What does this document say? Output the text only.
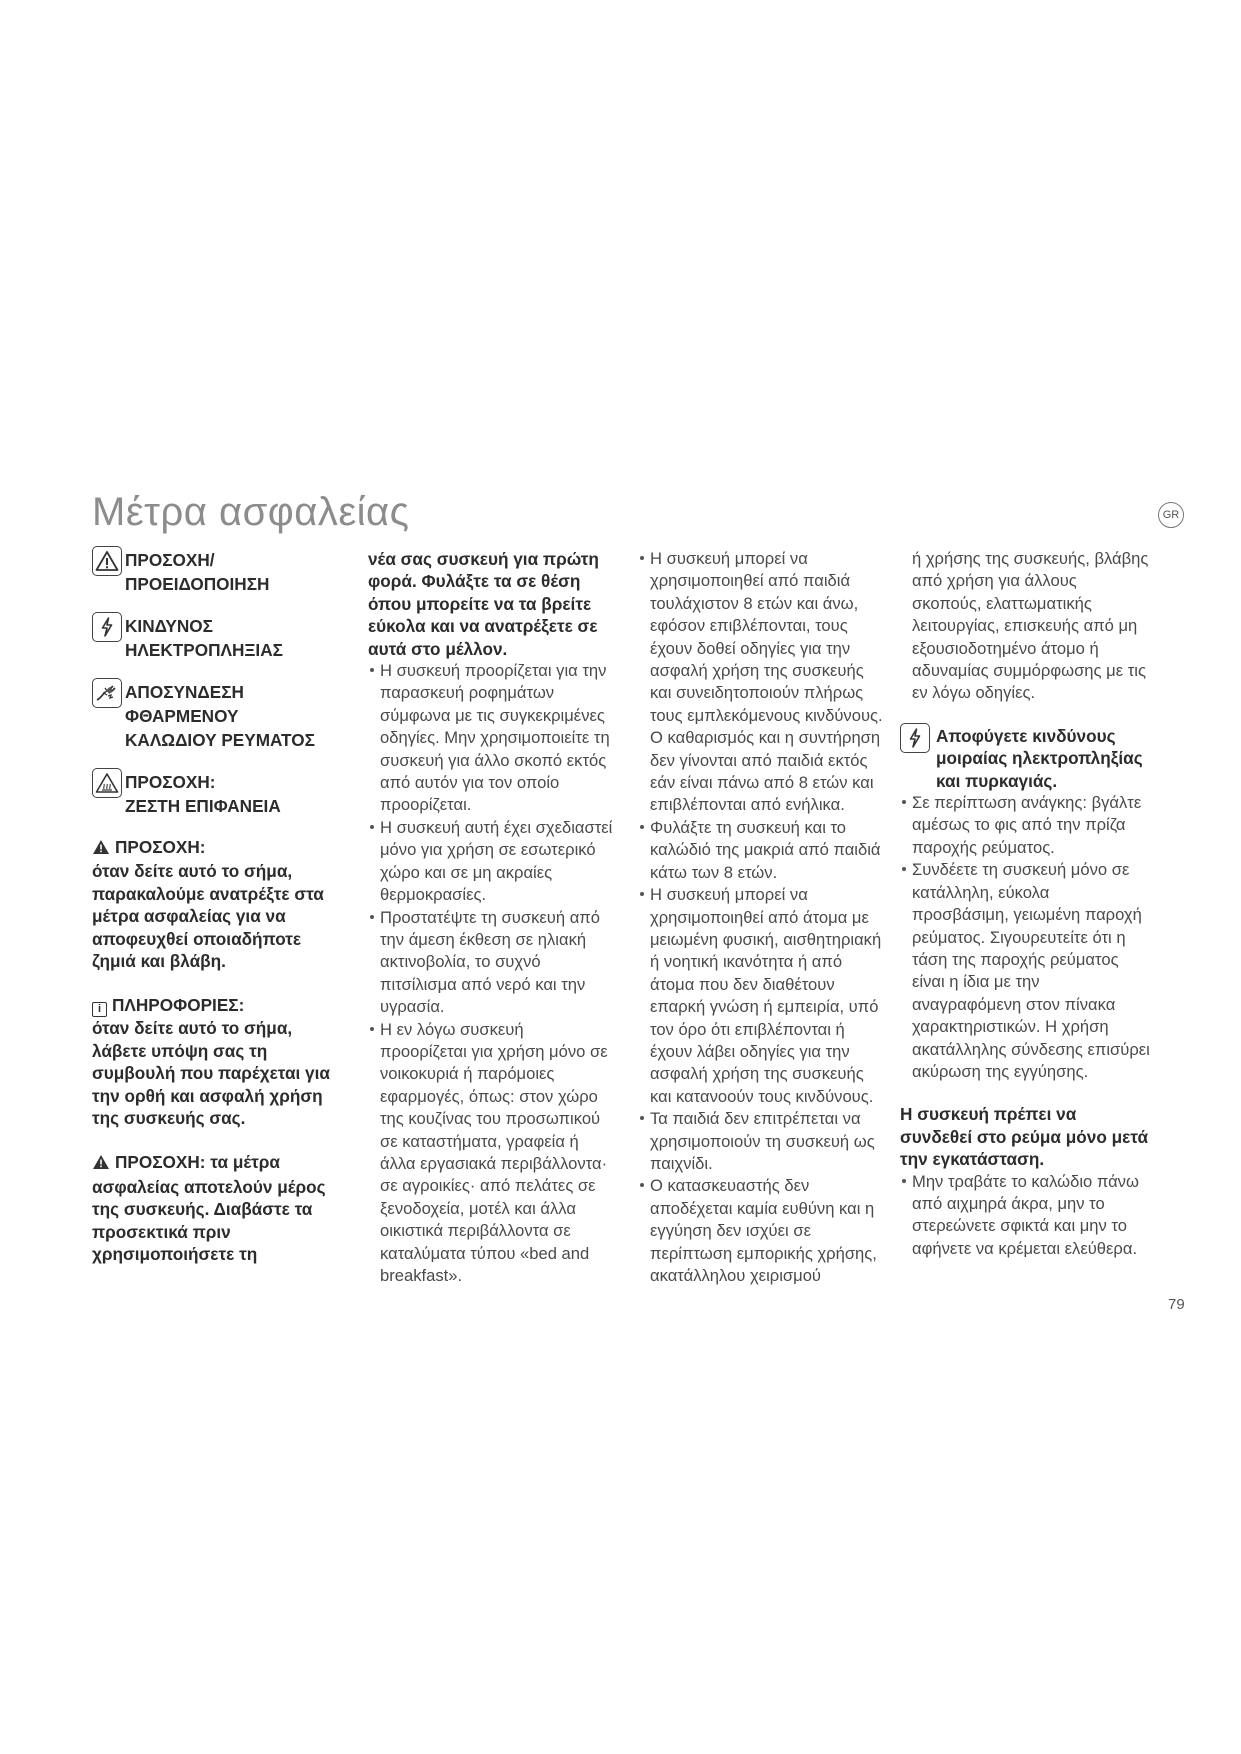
Μέτρα ασφαλείας	GR
ΠΡΟΣΟΧΗ/
ΠΡΟΕΙΔΟΠΟΙΗΣΗ
ΚΙΝΔΥΝΟΣ
ΗΛΕΚΤΡΟΠΛΗΞΙΑΣ
ΑΠΟΣΥΝΔΕΣΗ
ΦΘΑΡΜΕΝΟΥ
ΚΑΛΩΔΙΟΥ ΡΕΥΜΑΤΟΣ
ΠΡΟΣΟΧΗ:
ΖΕΣΤΗ ΕΠΙΦΑΝΕΙΑ

ΠΡΟΣΟΧΗ:

όταν δείτε αυτό το σήμα, παρακαλούμε ανατρέξτε στα μέτρα ασφαλείας για να αποφευχθεί οποιαδήποτε ζημιά και βλάβη.

i ΠΛΗΡΟΦΟΡΙΕΣ:

όταν δείτε αυτό το σήμα, λάβετε υπόψη σας τη συμβουλή που παρέχεται για την ορθή και ασφαλή χρήση της συσκευής σας.

ΠΡΟΣΟΧΗ: τα μέτρα ασφαλείας αποτελούν μέρος της συσκευής. Διαβάστε τα προσεκτικά πριν χρησιμοποιήσετε τη

νέα σας συσκευή για πρώτη φορά. Φυλάξτε τα σε θέση όπου μπορείτε να τα βρείτε εύκολα και να ανατρέξετε σε αυτά στο μέλλον.

Η συσκευή προορίζεται για την παρασκευή ροφημάτων σύμφωνα με τις συγκεκριμένες οδηγίες. Μην χρησιμοποιείτε τη συσκευή για άλλο σκοπό εκτός από αυτόν για τον οποίο προορίζεται.

Η συσκευή αυτή έχει σχεδιαστεί μόνο για χρήση σε εσωτερικό χώρο και σε μη ακραίες θερμοκρασίες.

Προστατέψτε τη συσκευή από την άμεση έκθεση σε ηλιακή ακτινοβολία, το συχνό πιτσίλισμα από νερό και την υγρασία.

Η εν λόγω συσκευή προορίζεται για χρήση μόνο σε νοικοκυριά ή παρόμοιες εφαρμογές, όπως: στον χώρο της κουζίνας του προσωπικού σε καταστήματα, γραφεία ή άλλα εργασιακά περιβάλλοντα· σε αγροικίες· από πελάτες σε ξενοδοχεία, μοτέλ και άλλα οικιστικά περιβάλλοντα σε καταλύματα τύπου «bed and breakfast».

Η συσκευή μπορεί να χρησιμοποιηθεί από παιδιά τουλάχιστον 8 ετών και άνω, εφόσον επιβλέπονται, τους έχουν δοθεί οδηγίες για την ασφαλή χρήση της συσκευής και συνειδητοποιούν πλήρως τους εμπλεκόμενους κινδύνους. Ο καθαρισμός και η συντήρηση δεν γίνονται από παιδιά εκτός εάν είναι πάνω από 8 ετών και επιβλέπονται από ενήλικα.

Φυλάξτε τη συσκευή και το καλώδιό της μακριά από παιδιά κάτω των 8 ετών.

Η συσκευή μπορεί να χρησιμοποιηθεί από άτομα με μειωμένη φυσική, αισθητηριακή ή νοητική ικανότητα ή από άτομα που δεν διαθέτουν επαρκή γνώση ή εμπειρία, υπό τον όρο ότι επιβλέπονται ή έχουν λάβει οδηγίες για την ασφαλή χρήση της συσκευής και κατανοούν τους κινδύνους.

Τα παιδιά δεν επιτρέπεται να χρησιμοποιούν τη συσκευή ως παιχνίδι.

Ο κατασκευαστής δεν αποδέχεται καμία ευθύνη και η εγγύηση δεν ισχύει σε περίπτωση εμπορικής χρήσης, ακατάλληλου χειρισμού

ή χρήσης της συσκευής, βλάβης από χρήση για άλλους σκοπούς, ελαττωματικής λειτουργίας, επισκευής από μη εξουσιοδοτημένο άτομο ή αδυναμίας συμμόρφωσης με τις εν λόγω οδηγίες.

Αποφύγετε κινδύνους μοιραίας ηλεκτροπληξίας και πυρκαγιάς.

Σε περίπτωση ανάγκης: βγάλτε αμέσως το φις από την πρίζα παροχής ρεύματος.

Συνδέετε τη συσκευή μόνο σε κατάλληλη, εύκολα προσβάσιμη, γειωμένη παροχή ρεύματος. Σιγουρευτείτε ότι η τάση της παροχής ρεύματος είναι η ίδια με την αναγραφόμενη στον πίνακα χαρακτηριστικών. Η χρήση ακατάλληλης σύνδεσης επισύρει ακύρωση της εγγύησης.

Η συσκευή πρέπει να συνδεθεί στο ρεύμα μόνο μετά την εγκατάσταση.

Μην τραβάτε το καλώδιο πάνω από αιχμηρά άκρα, μην το στερεώνετε σφικτά και μην το αφήνετε να κρέμεται ελεύθερα.

79
